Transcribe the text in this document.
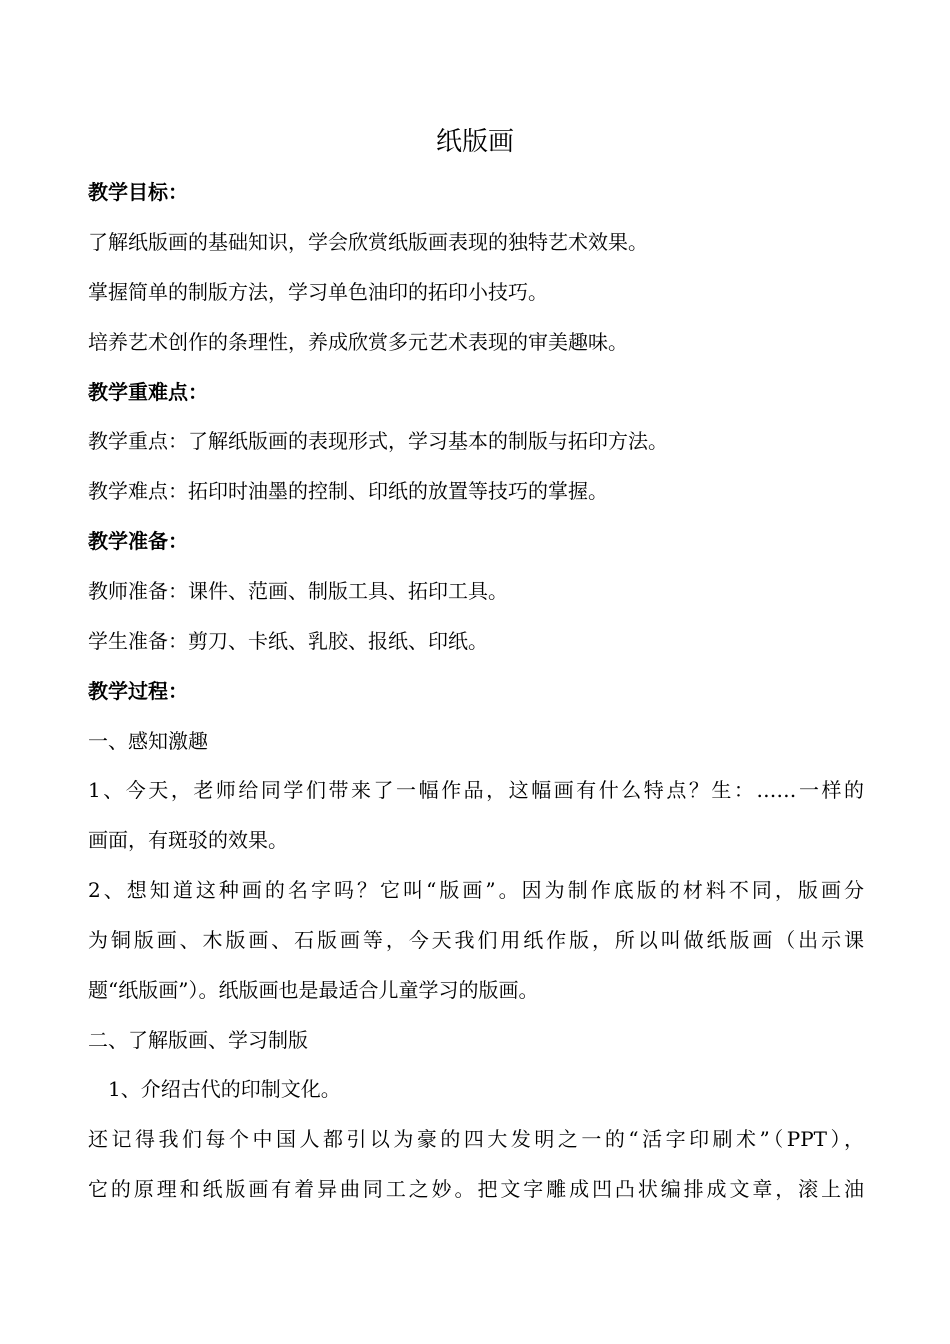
纸版画

教学目标：

了解纸版画的基础知识，学会欣赏纸版画表现的独特艺术效果。

掌握简单的制版方法，学习单色油印的拓印小技巧。

培养艺术创作的条理性，养成欣赏多元艺术表现的审美趣味。

教学重难点：

教学重点：了解纸版画的表现形式，学习基本的制版与拓印方法。

教学难点：拓印时油墨的控制、印纸的放置等技巧的掌握。

教学准备：

教师准备：课件、范画、制版工具、拓印工具。

学生准备：剪刀、卡纸、乳胶、报纸、印纸。

教学过程：

一、感知激趣

1、今天，老师给同学们带来了一幅作品，这幅画有什么特点？生：……一样的

画面，有斑驳的效果。

2、想知道这种画的名字吗？它叫“版画”。因为制作底版的材料不同，版画分

为铜版画、木版画、石版画等，今天我们用纸作版，所以叫做纸版画（出示课

题“纸版画”）。纸版画也是最适合儿童学习的版画。

二、了解版画、学习制版

1、介绍古代的印制文化。

还记得我们每个中国人都引以为豪的四大发明之一的“活字印刷术”（PPT），

它的原理和纸版画有着异曲同工之妙。把文字雕成凹凸状编排成文章，滚上油
